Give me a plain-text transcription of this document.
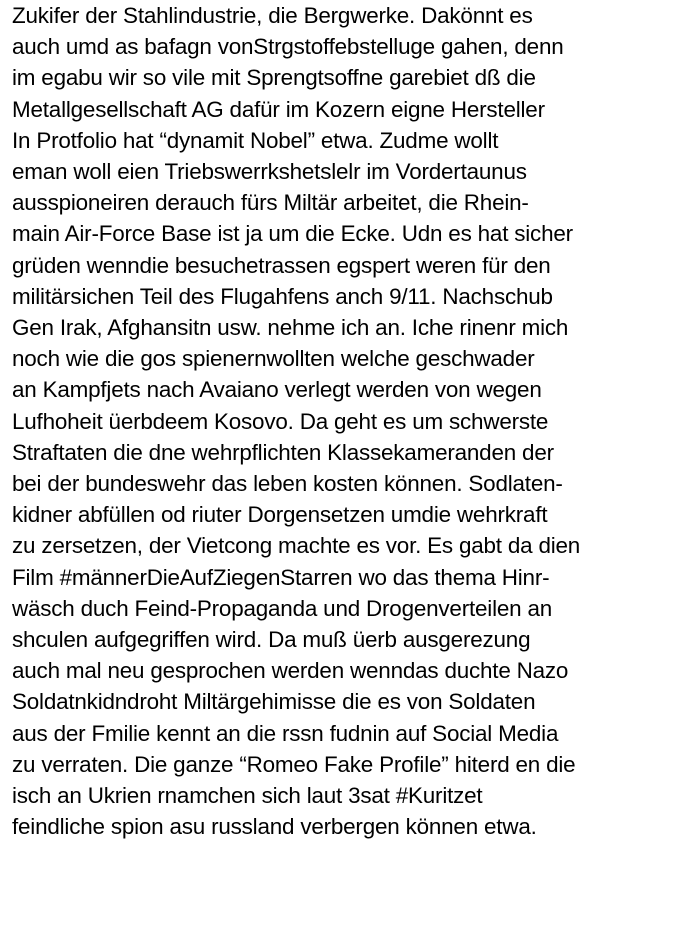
Zukifer der Stahlindustrie, die Bergwerke. Dakönnt es
auch umd as bafagn vonStrgstoffebstelluge gahen, denn
im egabu wir so vile mit Sprengtsoffne garebiet dß die
Metallgesellschaft AG dafür im Kozern eigne Hersteller
In Protfolio hat “dynamit Nobel” etwa. Zudme wollt
eman woll eien Triebswerrkshetslelr im Vordertaunus
ausspioneiren derauch fürs Miltär arbeitet, die Rhein-
main Air-Force Base ist ja um die Ecke. Udn es hat sicher
grüden wenndie besuchetrassen egspert weren für den
militärsichen Teil des Flugahfens anch 9/11. Nachschub
Gen Irak, Afghansitn usw. nehme ich an. Iche rinenr mich
noch wie die gos spienernwollten welche geschwader
an Kampfjets nach Avaiano verlegt werden von wegen
Lufhoheit üerbdeem Kosovo. Da geht es um schwerste
Straftaten die dne wehrpflichten Klassekameranden der
bei der bundeswehr das leben kosten können. Sodlaten-
kidner abfüllen od riuter Dorgensetzen umdie wehrkraft
zu zersetzen, der Vietcong machte es vor. Es gabt da dien
Film #männerDieAufZiegenStarren wo das thema Hinr-
wäsch duch Feind-Propaganda und Drogenverteilen an
shculen aufgegriffen wird. Da muß üerb ausgerezung
auch mal neu gesprochen werden wenndas duchte Nazo
Soldatnkidndroht Miltärgehimisse die es von Soldaten
aus der Fmilie kennt an die rssn fudnin auf Social Media
zu verraten. Die ganze “Romeo Fake Profile” hiterd en die
isch an Ukrien rnamchen sich laut 3sat #Kuritzet
feindliche spion asu russland verbergen können etwa.
